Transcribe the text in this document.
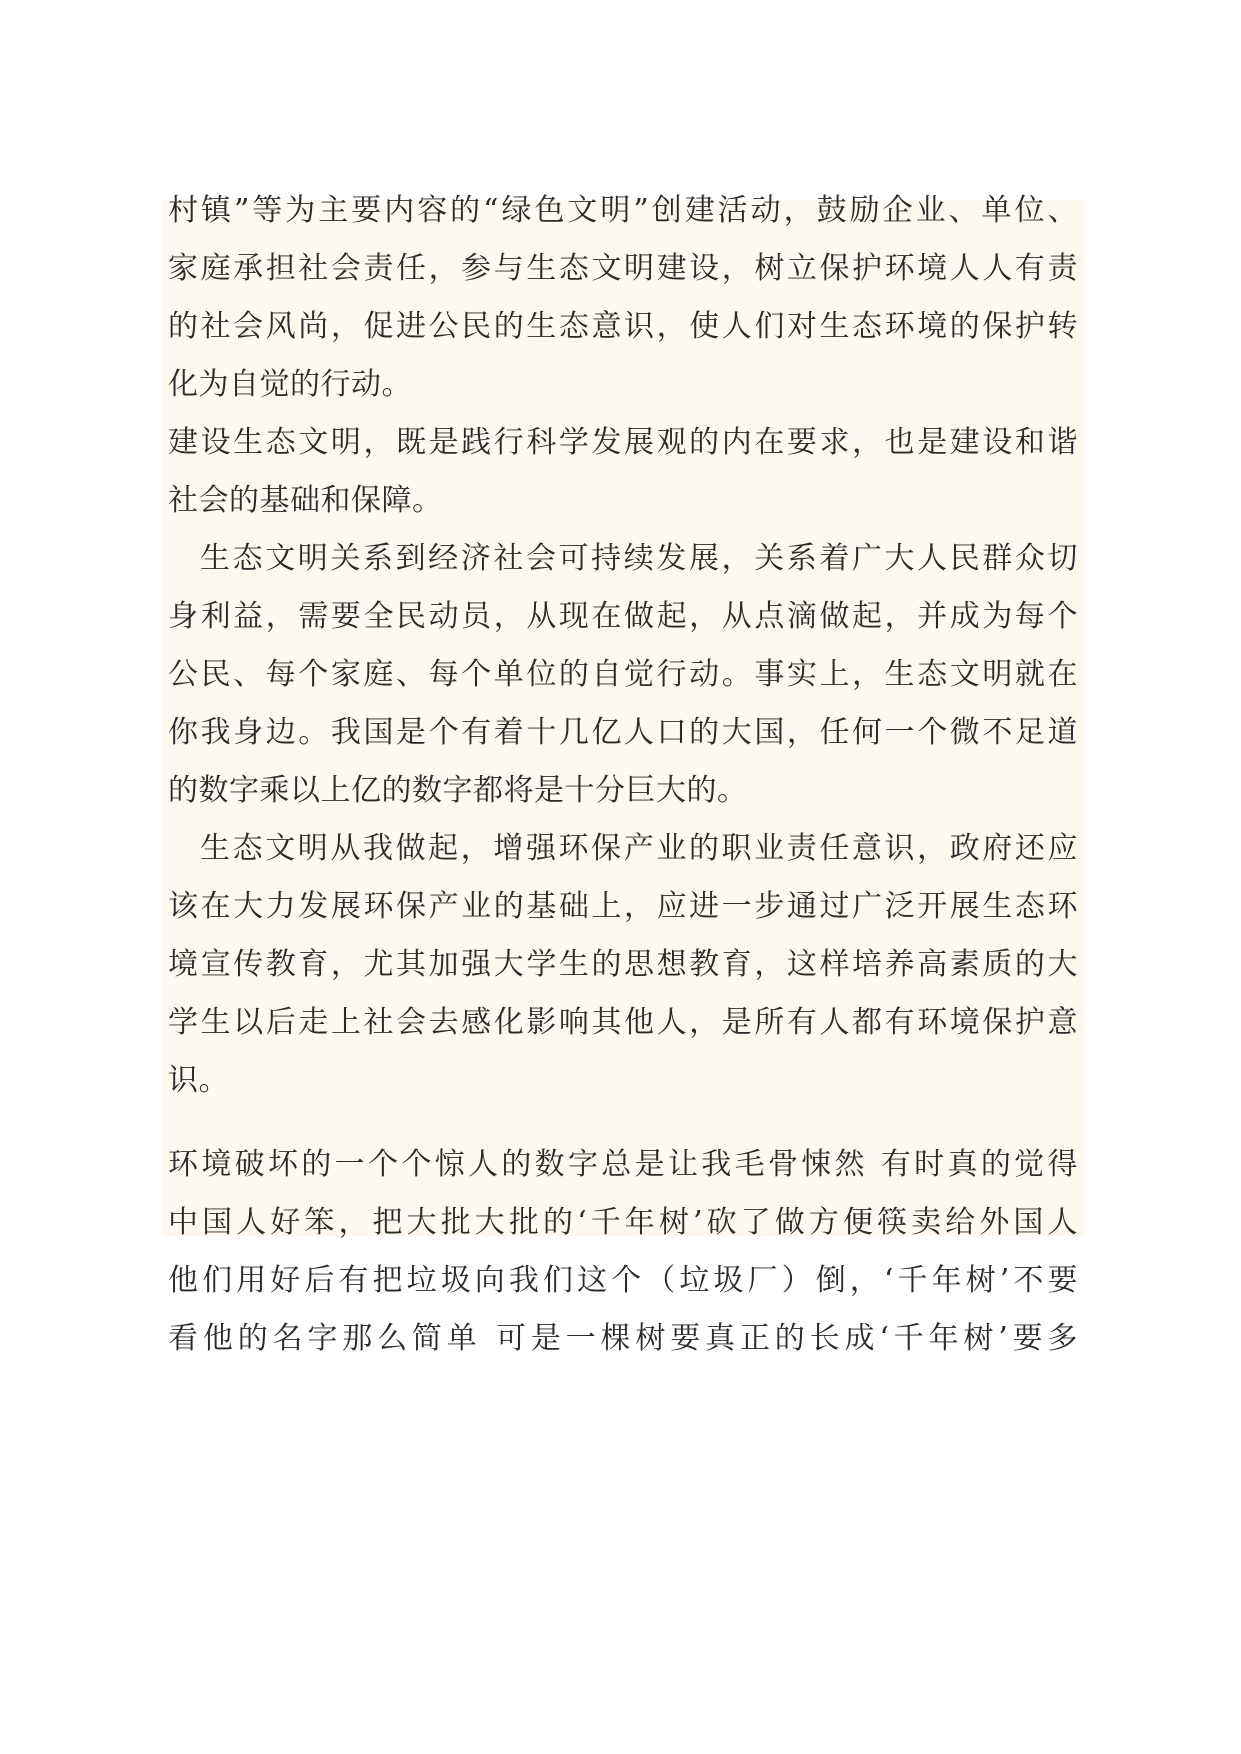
村镇”等为主要内容的“绿色文明”创建活动，鼓励企业、单位、
家庭承担社会责任，参与生态文明建设，树立保护环境人人有责
的社会风尚，促进公民的生态意识，使人们对生态环境的保护转
化为自觉的行动。
建设生态文明，既是践行科学发展观的内在要求，也是建设和谐
社会的基础和保障。
生态文明关系到经济社会可持续发展，关系着广大人民群众切
身利益，需要全民动员，从现在做起，从点滴做起，并成为每个
公民、每个家庭、每个单位的自觉行动。事实上，生态文明就在
你我身边。我国是个有着十几亿人口的大国，任何一个微不足道
的数字乘以上亿的数字都将是十分巨大的。
生态文明从我做起，增强环保产业的职业责任意识，政府还应
该在大力发展环保产业的基础上，应进一步通过广泛开展生态环
境宣传教育，尤其加强大学生的思想教育，这样培养高素质的大
学生以后走上社会去感化影响其他人，是所有人都有环境保护意
识。
环境破坏的一个个惊人的数字总是让我毛骨悚然 有时真的觉得
中国人好笨，把大批大批的‘千年树’砍了做方便筷卖给外国人
他们用好后有把垃圾向我们这个（垃圾厂）倒，‘千年树’不要
看他的名字那么简单 可是一棵树要真正的长成‘千年树’要多
